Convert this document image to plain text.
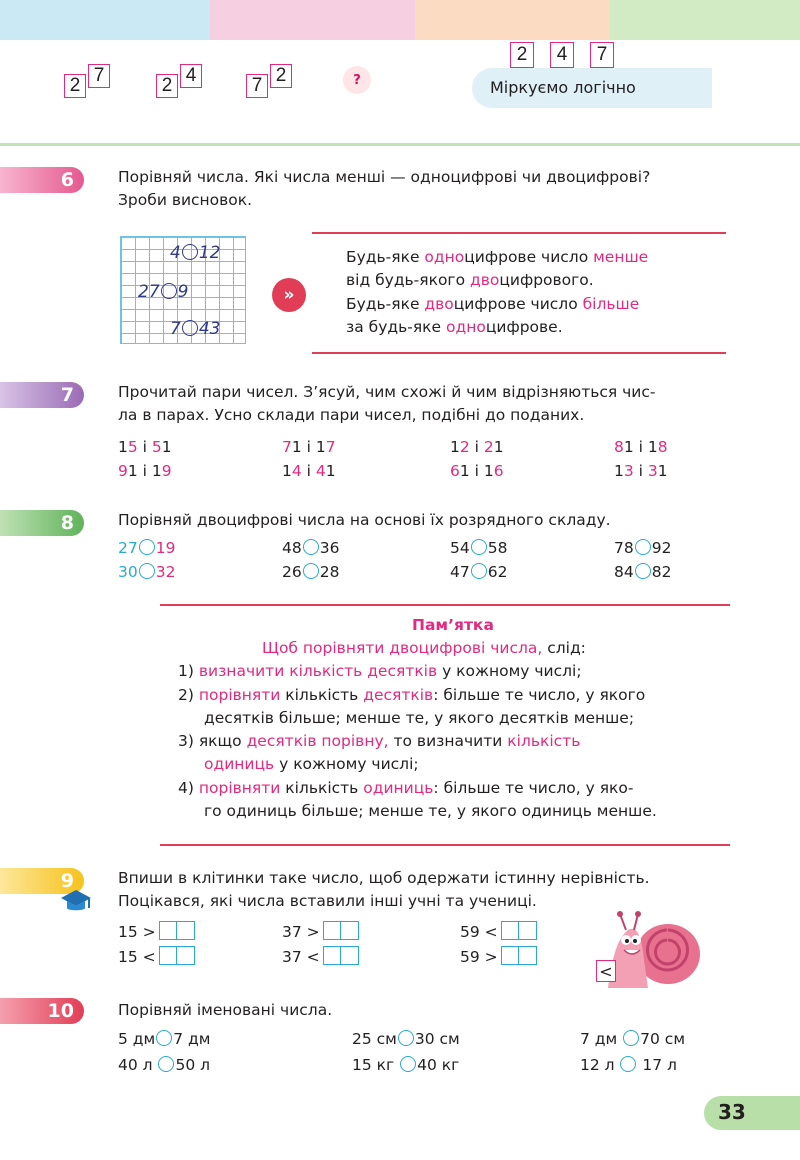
2 7	2 4	7 2	?
2	4	7
Міркуємо логічно
6	Порівняй числа. Які числа менші — одноцифрові чи двоцифрові?
Зроби висновок.
4 12
27 9
7 43
»
Будь-яке одноцифрове число менше
від будь-якого двоцифрового.
Будь-яке двоцифрове число більше
за будь-яке одноцифрове.
7	Прочитай пари чисел. З’ясуй, чим схожі й чим відрізняються чис-
ла в парах. Усно склади пари чисел, подібні до поданих.
15 і 51	71 і 17	12 і 21	81 і 18
91 і 19	14 і 41	61 і 16	13 і 31
8	Порівняй двоцифрові числа на основі їх розрядного складу.
27 19	48 36	54 58	78 92
30 32	26 28	47 62	84 82
Пам’ятка
Щоб порівняти двоцифрові числа, слід:
1) визначити кількість десятків у кожному числі;
2) порівняти кількість десятків: більше те число, у якого
десятків більше; менше те, у якого десятків менше;
3) якщо десятків порівну, то визначити кількість
одиниць у кожному числі;
4) порівняти кількість одиниць: більше те число, у яко-
го одиниць більше; менше те, у якого одиниць менше.
9	Впиши в клітинки таке число, щоб одержати істинну нерівність.
Поцікався, які числа вставили інші учні та учениці.
15 >	37 >	59 <
15 <	37 <	59 >
<
10	Порівняй іменовані числа.
5 дм 7 дм	25 см 30 см	7 дм 70 см
40 л 50 л	15 кг 40 кг	12 л  17 л
33
